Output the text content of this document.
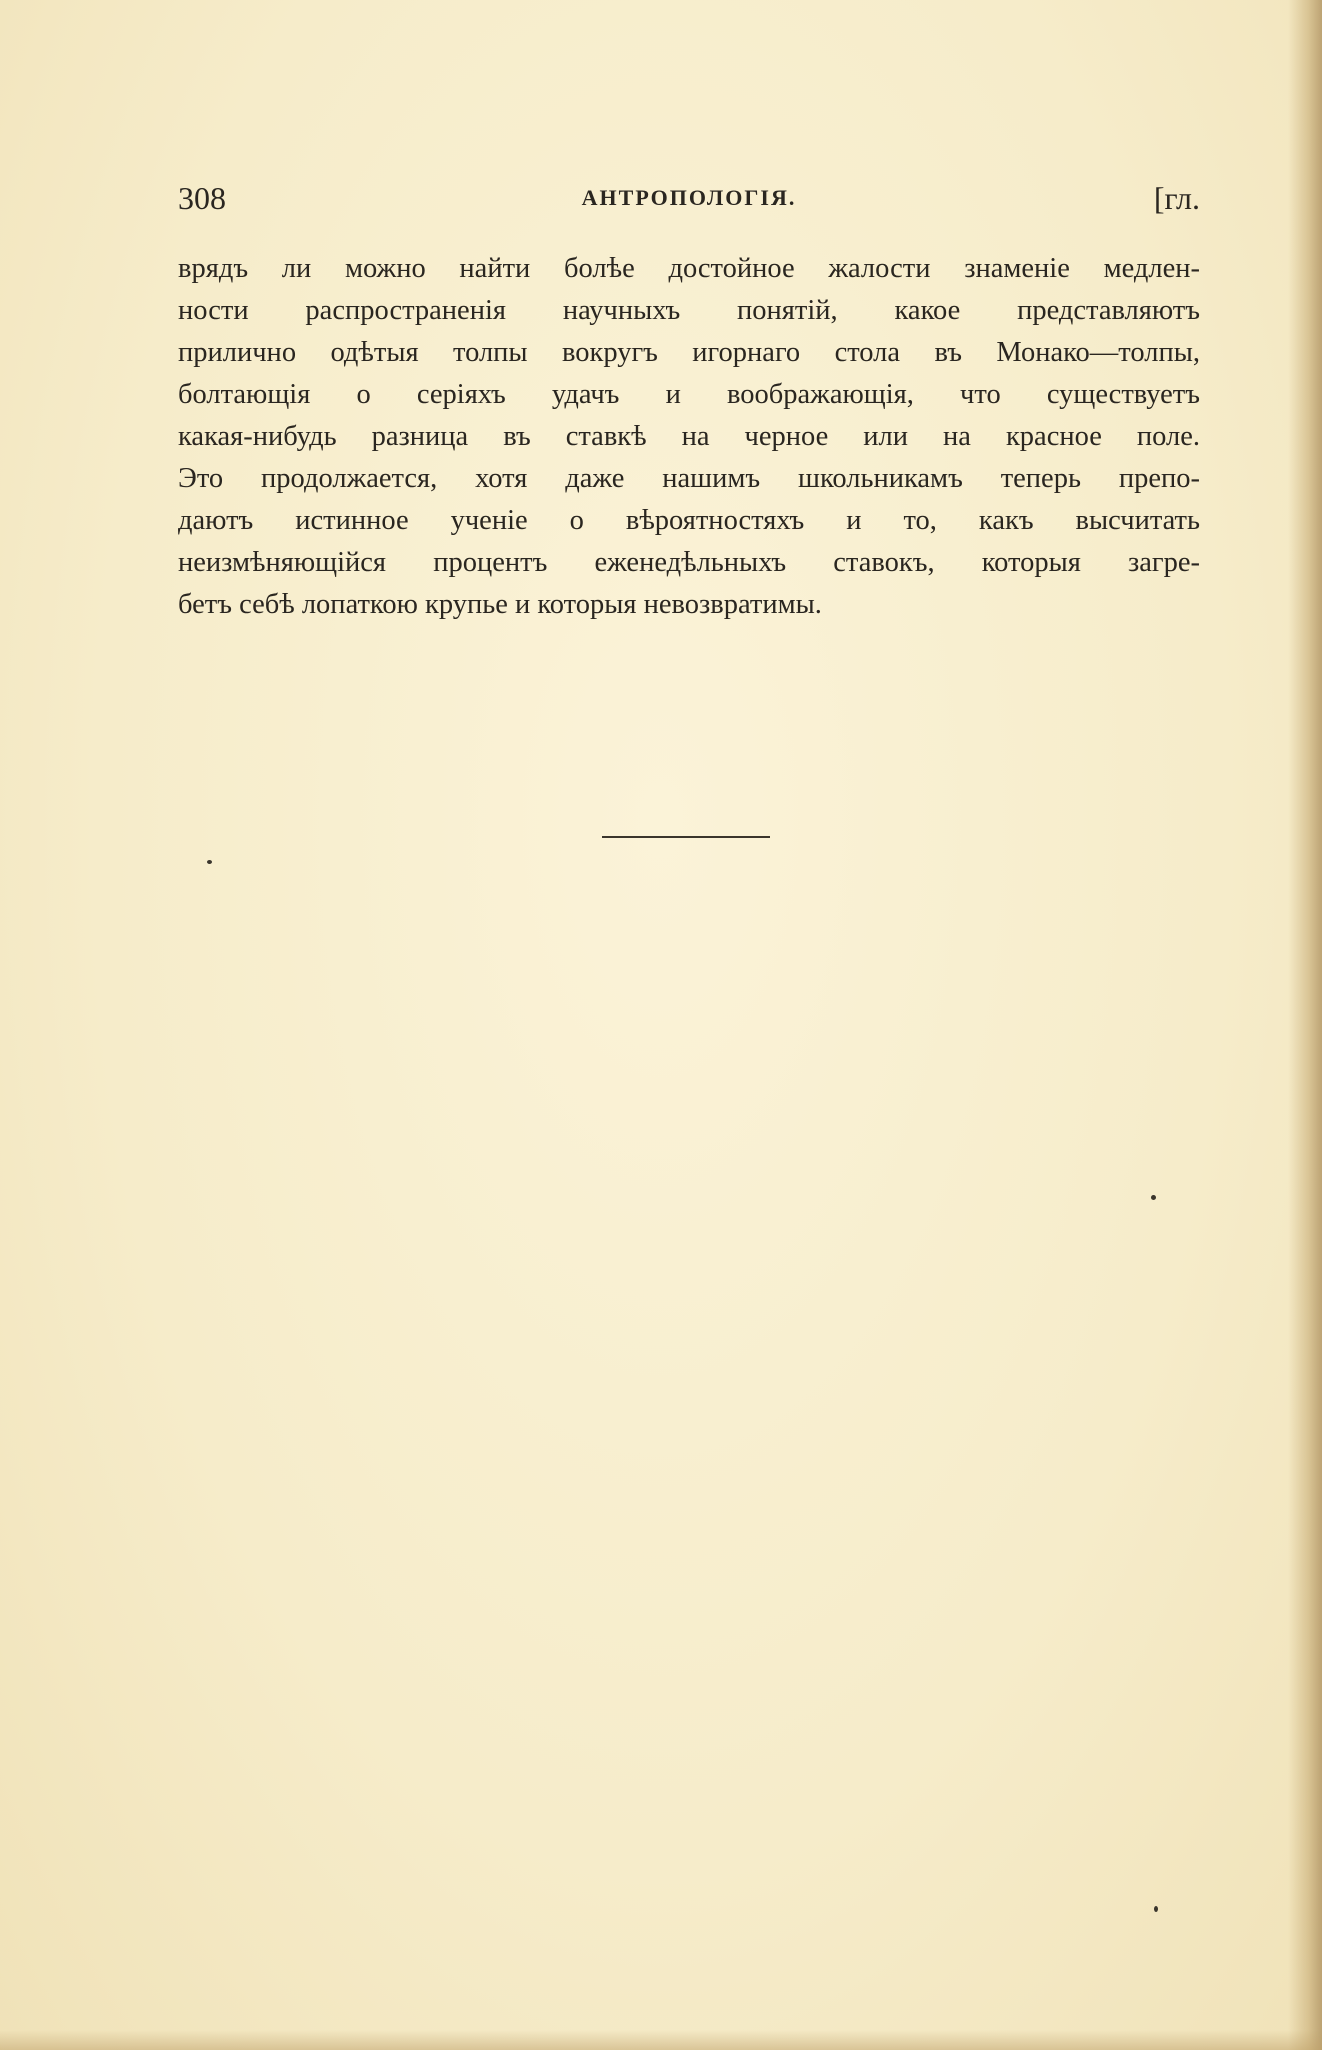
308	АНТРОПОЛОГІЯ.	[гл.

врядъ ли можно найти болѣе достойное жалости знаменіе медлен-
ности распространенія научныхъ понятій, какое представляютъ
прилично одѣтыя толпы вокругъ игорнаго стола въ Монако—толпы,
болтающія о серіяхъ удачъ и воображающія, что существуетъ
какая-нибудь разница въ ставкѣ на черное или на красное поле.
Это продолжается, хотя даже нашимъ школьникамъ теперь препо-
даютъ истинное ученіе о вѣроятностяхъ и то, какъ высчитать
неизмѣняющійся процентъ еженедѣльныхъ ставокъ, которыя загре-
бетъ себѣ лопаткою крупье и которыя невозвратимы.
